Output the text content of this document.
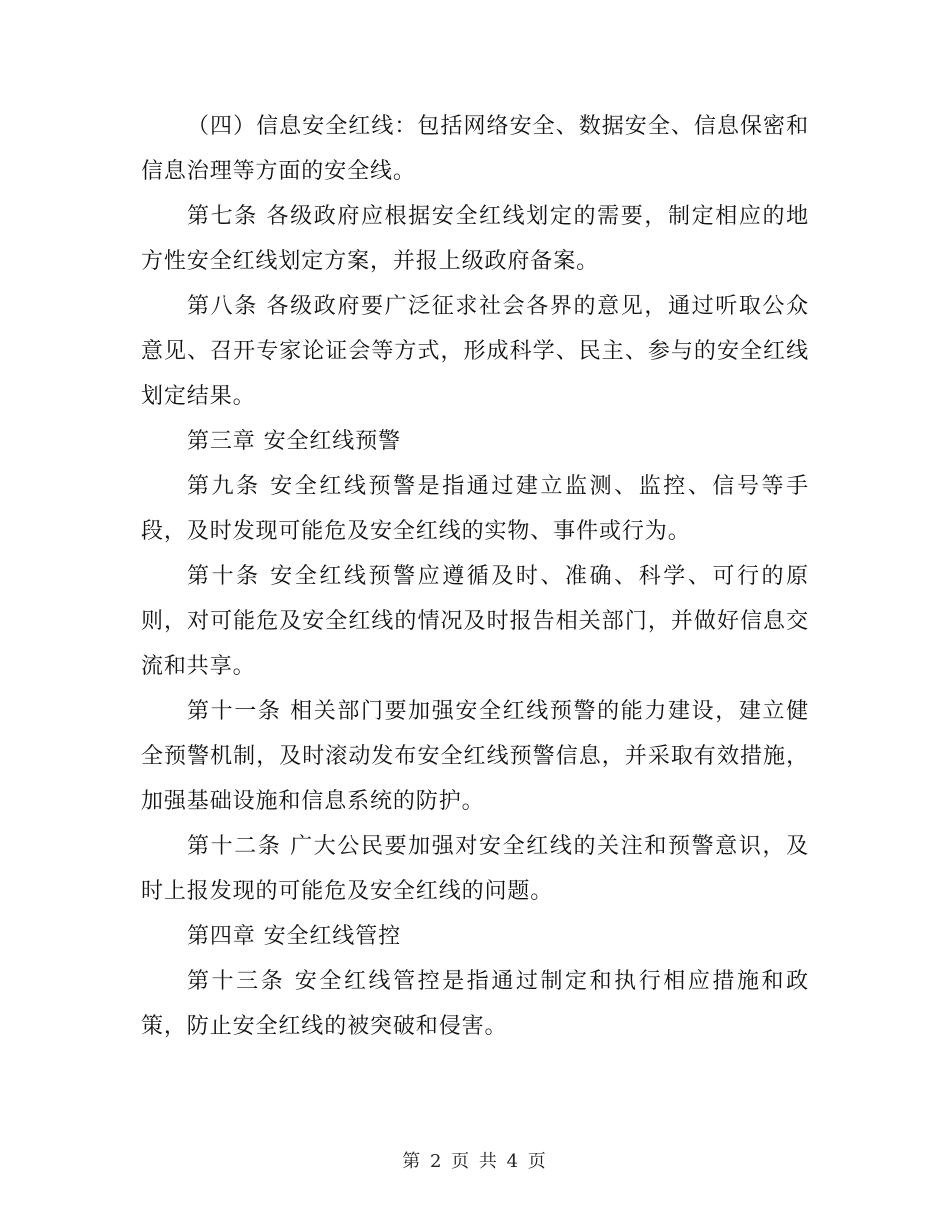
（四）信息安全红线：包括网络安全、数据安全、信息保密和信息治理等方面的安全线。

第七条 各级政府应根据安全红线划定的需要，制定相应的地方性安全红线划定方案，并报上级政府备案。

第八条 各级政府要广泛征求社会各界的意见，通过听取公众意见、召开专家论证会等方式，形成科学、民主、参与的安全红线划定结果。

第三章 安全红线预警

第九条 安全红线预警是指通过建立监测、监控、信号等手段，及时发现可能危及安全红线的实物、事件或行为。

第十条 安全红线预警应遵循及时、准确、科学、可行的原则，对可能危及安全红线的情况及时报告相关部门，并做好信息交流和共享。

第十一条 相关部门要加强安全红线预警的能力建设，建立健全预警机制，及时滚动发布安全红线预警信息，并采取有效措施，加强基础设施和信息系统的防护。

第十二条 广大公民要加强对安全红线的关注和预警意识，及时上报发现的可能危及安全红线的问题。

第四章 安全红线管控

第十三条 安全红线管控是指通过制定和执行相应措施和政策，防止安全红线的被突破和侵害。

第 2 页 共 4 页
